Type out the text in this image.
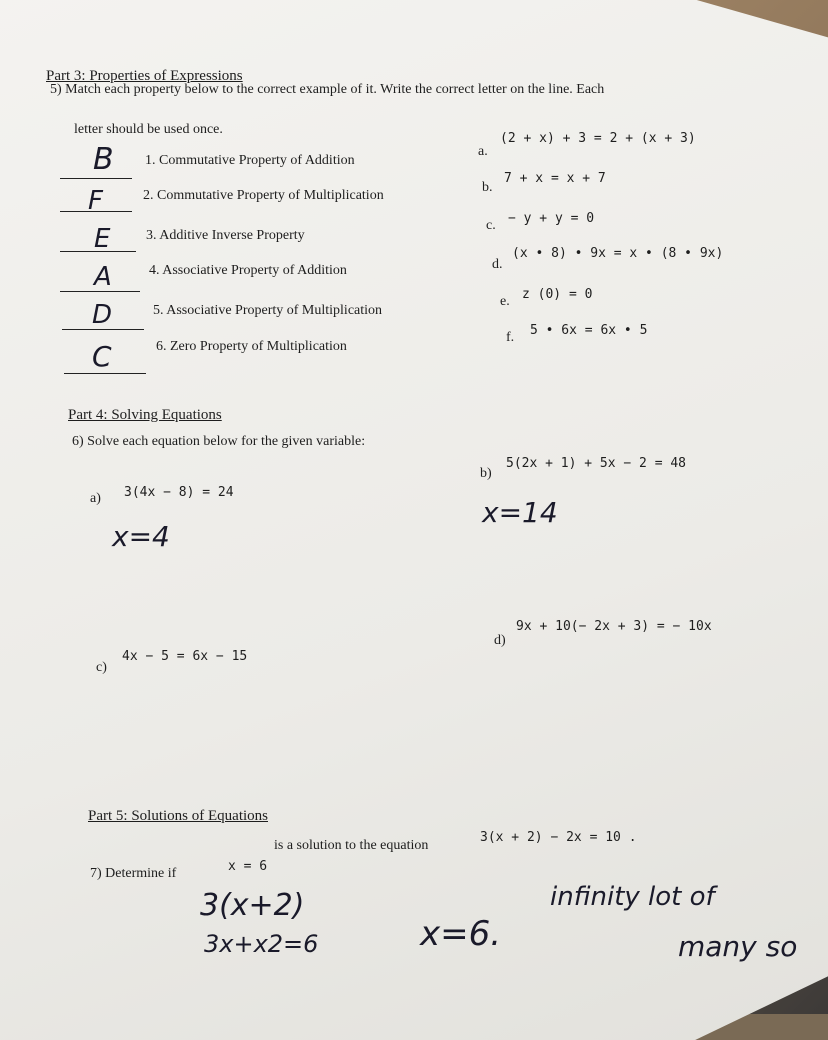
Part 3: Properties of Expressions
5) Match each property below to the correct example of it. Write the correct letter on the line. Each
letter should be used once.
B 1. Commutative Property of Addition
F	2. Commutative Property of Multiplication
E	3. Additive Inverse Property
A	4. Associative Property of Addition
D	5. Associative Property of Multiplication
C	6. Zero Property of Multiplication
a.
(2 + x) + 3 = 2 + (x + 3)
b.
7 + x = x + 7
c. − y + y = 0
d.
(x • 8) • 9x = x • (8 • 9x)
e. z (0) = 0
f. 5 • 6x = 6x • 5
Part 4: Solving Equations
6) Solve each equation below for the given variable:
a) 3(4x − 8) = 24
x=4
b)
5(2x + 1) + 5x − 2 = 48
x=14
c)
4x − 5 = 6x − 15
d)
9x + 10(− 2x + 3) = − 10x
Part 5: Solutions of Equations
7) Determine if	x = 6
is a solution to the equation
3(x + 2) − 2x = 10 .
3(x+2)
3x+x2=6	x=6.
infinity lot of
many so
